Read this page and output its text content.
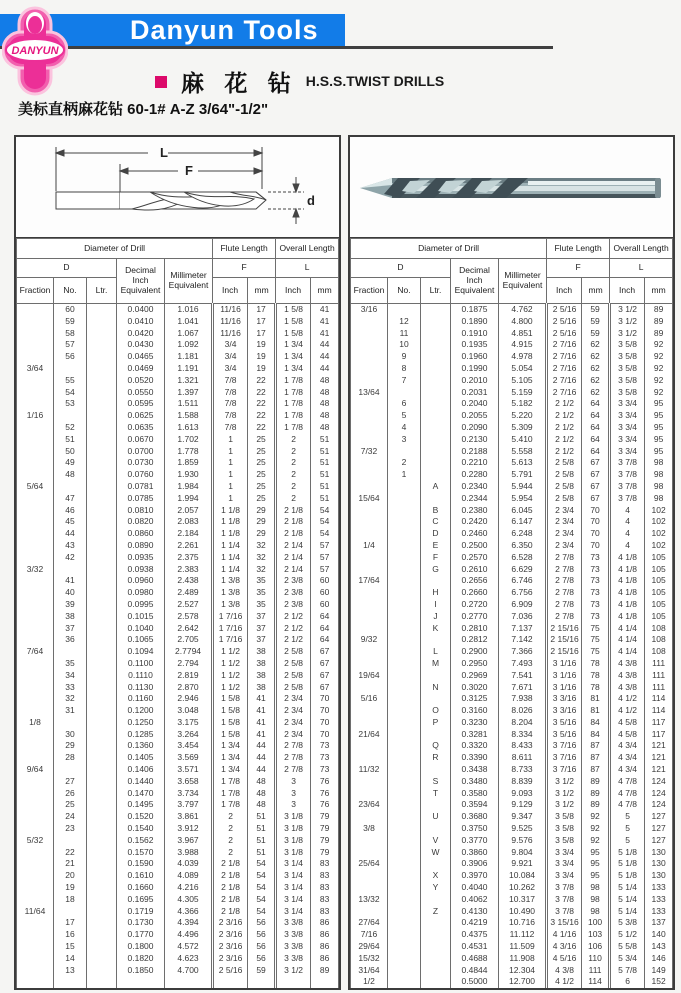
Danyun Tools
DANYUN
麻 花 钻 H.S.S.TWIST DRILLS
美标直柄麻花钻 60-1# A-Z 3/64"-1/2"
L
F
d
Diameter of Drill					Flute Length		Overall Length	
D			Decimal Inch Equivalent	Millimeter Equivalent	F		L	
Fraction	No.	Ltr.			Inch	mm	Inch	mm
	60		0.0400	1.016	11/16	17	1 5/8	41
	59		0.0410	1.041	11/16	17	1 5/8	41
	58		0.0420	1.067	11/16	17	1 5/8	41
	57		0.0430	1.092	3/4	19	1 3/4	44
	56		0.0465	1.181	3/4	19	1 3/4	44
3/64			0.0469	1.191	3/4	19	1 3/4	44
	55		0.0520	1.321	7/8	22	1 7/8	48
	54		0.0550	1.397	7/8	22	1 7/8	48
	53		0.0595	1.511	7/8	22	1 7/8	48
1/16			0.0625	1.588	7/8	22	1 7/8	48
	52		0.0635	1.613	7/8	22	1 7/8	48
	51		0.0670	1.702	1	25	2	51
	50		0.0700	1.778	1	25	2	51
	49		0.0730	1.859	1	25	2	51
	48		0.0760	1.930	1	25	2	51
5/64			0.0781	1.984	1	25	2	51
	47		0.0785	1.994	1	25	2	51
	46		0.0810	2.057	1 1/8	29	2 1/8	54
	45		0.0820	2.083	1 1/8	29	2 1/8	54
	44		0.0860	2.184	1 1/8	29	2 1/8	54
	43		0.0890	2.261	1 1/4	32	2 1/4	57
	42		0.0935	2.375	1 1/4	32	2 1/4	57
3/32			0.0938	2.383	1 1/4	32	2 1/4	57
	41		0.0960	2.438	1 3/8	35	2 3/8	60
	40		0.0980	2.489	1 3/8	35	2 3/8	60
	39		0.0995	2.527	1 3/8	35	2 3/8	60
	38		0.1015	2.578	1 7/16	37	2 1/2	64
	37		0.1040	2.642	1 7/16	37	2 1/2	64
	36		0.1065	2.705	1 7/16	37	2 1/2	64
7/64			0.1094	2.7794	1 1/2	38	2 5/8	67
	35		0.1100	2.794	1 1/2	38	2 5/8	67
	34		0.1110	2.819	1 1/2	38	2 5/8	67
	33		0.1130	2.870	1 1/2	38	2 5/8	67
	32		0.1160	2.946	1 5/8	41	2 3/4	70
	31		0.1200	3.048	1 5/8	41	2 3/4	70
1/8			0.1250	3.175	1 5/8	41	2 3/4	70
	30		0.1285	3.264	1 5/8	41	2 3/4	70
	29		0.1360	3.454	1 3/4	44	2 7/8	73
	28		0.1405	3.569	1 3/4	44	2 7/8	73
9/64			0.1406	3.571	1 3/4	44	2 7/8	73
	27		0.1440	3.658	1 7/8	48	3	76
	26		0.1470	3.734	1 7/8	48	3	76
	25		0.1495	3.797	1 7/8	48	3	76
	24		0.1520	3.861	2	51	3 1/8	79
	23		0.1540	3.912	2	51	3 1/8	79
5/32			0.1562	3.967	2	51	3 1/8	79
	22		0.1570	3.988	2	51	3 1/8	79
	21		0.1590	4.039	2 1/8	54	3 1/4	83
	20		0.1610	4.089	2 1/8	54	3 1/4	83
	19		0.1660	4.216	2 1/8	54	3 1/4	83
	18		0.1695	4.305	2 1/8	54	3 1/4	83
11/64			0.1719	4.366	2 1/8	54	3 1/4	83
	17		0.1730	4.394	2 3/16	56	3 3/8	86
	16		0.1770	4.496	2 3/16	56	3 3/8	86
	15		0.1800	4.572	2 3/16	56	3 3/8	86
	14		0.1820	4.623	2 3/16	56	3 3/8	86
	13		0.1850	4.700	2 5/16	59	3 1/2	89

Diameter of Drill					Flute Length		Overall Length	
D			Decimal Inch Equivalent	Millimeter Equivalent	F		L	
Fraction	No.	Ltr.			Inch	mm	Inch	mm
3/16			0.1875	4.762	2 5/16	59	3 1/2	89
	12		0.1890	4.800	2 5/16	59	3 1/2	89
	11		0.1910	4.851	2 5/16	59	3 1/2	89
	10		0.1935	4.915	2 7/16	62	3 5/8	92
	9		0.1960	4.978	2 7/16	62	3 5/8	92
	8		0.1990	5.054	2 7/16	62	3 5/8	92
	7		0.2010	5.105	2 7/16	62	3 5/8	92
13/64			0.2031	5.159	2 7/16	62	3 5/8	92
	6		0.2040	5.182	2 1/2	64	3 3/4	95
	5		0.2055	5.220	2 1/2	64	3 3/4	95
	4		0.2090	5.309	2 1/2	64	3 3/4	95
	3		0.2130	5.410	2 1/2	64	3 3/4	95
7/32			0.2188	5.558	2 1/2	64	3 3/4	95
	2		0.2210	5.613	2 5/8	67	3 7/8	98
	1		0.2280	5.791	2 5/8	67	3 7/8	98
		A	0.2340	5.944	2 5/8	67	3 7/8	98
15/64			0.2344	5.954	2 5/8	67	3 7/8	98
		B	0.2380	6.045	2 3/4	70	4	102
		C	0.2420	6.147	2 3/4	70	4	102
		D	0.2460	6.248	2 3/4	70	4	102
1/4		E	0.2500	6.350	2 3/4	70	4	102
		F	0.2570	6.528	2 7/8	73	4 1/8	105
		G	0.2610	6.629	2 7/8	73	4 1/8	105
17/64			0.2656	6.746	2 7/8	73	4 1/8	105
		H	0.2660	6.756	2 7/8	73	4 1/8	105
		I	0.2720	6.909	2 7/8	73	4 1/8	105
		J	0.2770	7.036	2 7/8	73	4 1/8	105
		K	0.2810	7.137	2 15/16	75	4 1/4	108
9/32			0.2812	7.142	2 15/16	75	4 1/4	108
		L	0.2900	7.366	2 15/16	75	4 1/4	108
		M	0.2950	7.493	3 1/16	78	4 3/8	111
19/64			0.2969	7.541	3 1/16	78	4 3/8	111
		N	0.3020	7.671	3 1/16	78	4 3/8	111
5/16			0.3125	7.938	3 3/16	81	4 1/2	114
		O	0.3160	8.026	3 3/16	81	4 1/2	114
		P	0.3230	8.204	3 5/16	84	4 5/8	117
21/64			0.3281	8.334	3 5/16	84	4 5/8	117
		Q	0.3320	8.433	3 7/16	87	4 3/4	121
		R	0.3390	8.611	3 7/16	87	4 3/4	121
11/32			0.3438	8.733	3 7/16	87	4 3/4	121
		S	0.3480	8.839	3 1/2	89	4 7/8	124
		T	0.3580	9.093	3 1/2	89	4 7/8	124
23/64			0.3594	9.129	3 1/2	89	4 7/8	124
		U	0.3680	9.347	3 5/8	92	5	127
3/8			0.3750	9.525	3 5/8	92	5	127
		V	0.3770	9.576	3 5/8	92	5	127
		W	0.3860	9.804	3 3/4	95	5 1/8	130
25/64			0.3906	9.921	3 3/4	95	5 1/8	130
		X	0.3970	10.084	3 3/4	95	5 1/8	130
		Y	0.4040	10.262	3 7/8	98	5 1/4	133
13/32			0.4062	10.317	3 7/8	98	5 1/4	133
		Z	0.4130	10.490	3 7/8	98	5 1/4	133
27/64			0.4219	10.716	3 15/16	100	5 3/8	137
7/16			0.4375	11.112	4 1/16	103	5 1/2	140
29/64			0.4531	11.509	4 3/16	106	5 5/8	143
15/32			0.4688	11.908	4 5/16	110	5 3/4	146
31/64			0.4844	12.304	4 3/8	111	5 7/8	149
1/2			0.5000	12.700	4 1/2	114	6	152
